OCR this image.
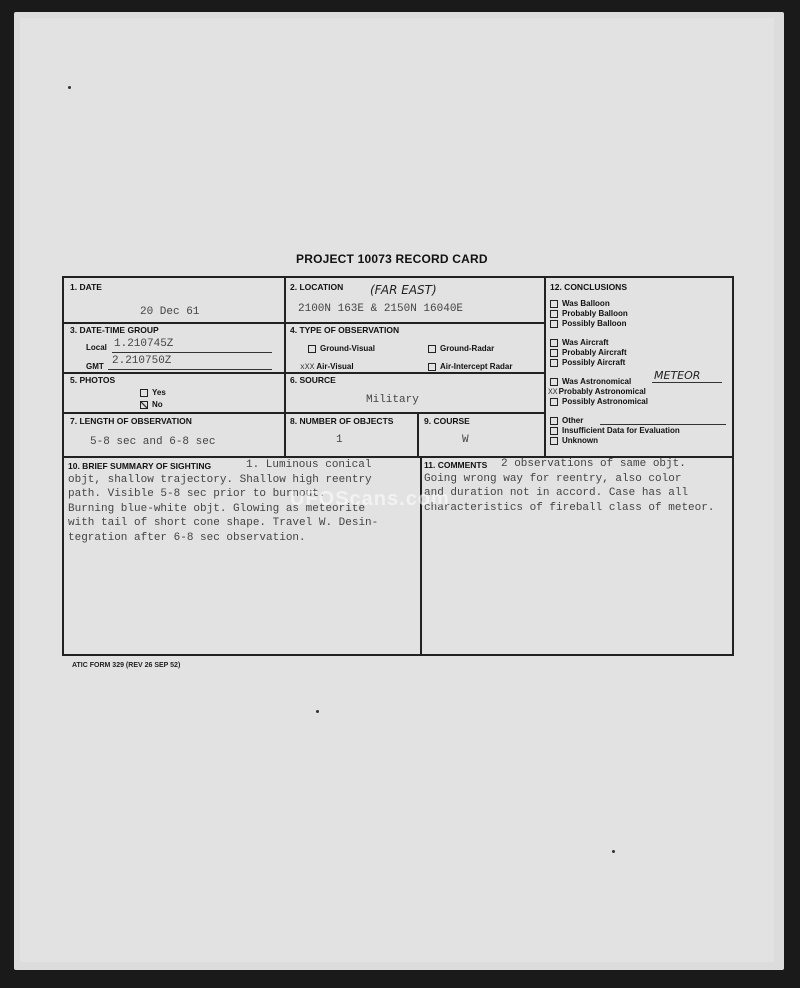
PROJECT 10073 RECORD CARD
1. DATE
20 Dec 61
2. LOCATION (FAR EAST)
2100N 163E & 2150N 16040E
3. DATE-TIME GROUP
Local 1.210745Z
GMT 2.210750Z
4. TYPE OF OBSERVATION
Ground-Visual	Ground-Radar
xXX Air-Visual	Air-Intercept Radar
5. PHOTOS
Yes
No
6. SOURCE
Military
7. LENGTH OF OBSERVATION
5-8 sec and 6-8 sec
8. NUMBER OF OBJECTS
1
9. COURSE
W
10. BRIEF SUMMARY OF SIGHTING	1. Luminous conical
objt, shallow trajectory. Shallow high reentry
path. Visible 5-8 sec prior to burnout.
Burning blue-white objt. Glowing as meteorite
with tail of short cone shape. Travel W. Desin-
tegration after 6-8 sec observation.
11. COMMENTS	2 observations of same objt.
Going wrong way for reentry, also color
and duration not in accord. Case has all
characteristics of fireball class of meteor.
12. CONCLUSIONS
Was Balloon
Probably Balloon
Possibly Balloon
Was Aircraft
Probably Aircraft
Possibly Aircraft
Was Astronomical METEOR
XXProbably Astronomical
Possibly Astronomical
Other
Insufficient Data for Evaluation
Unknown
ATIC FORM 329 (REV 26 SEP 52)
UFOScans.com
